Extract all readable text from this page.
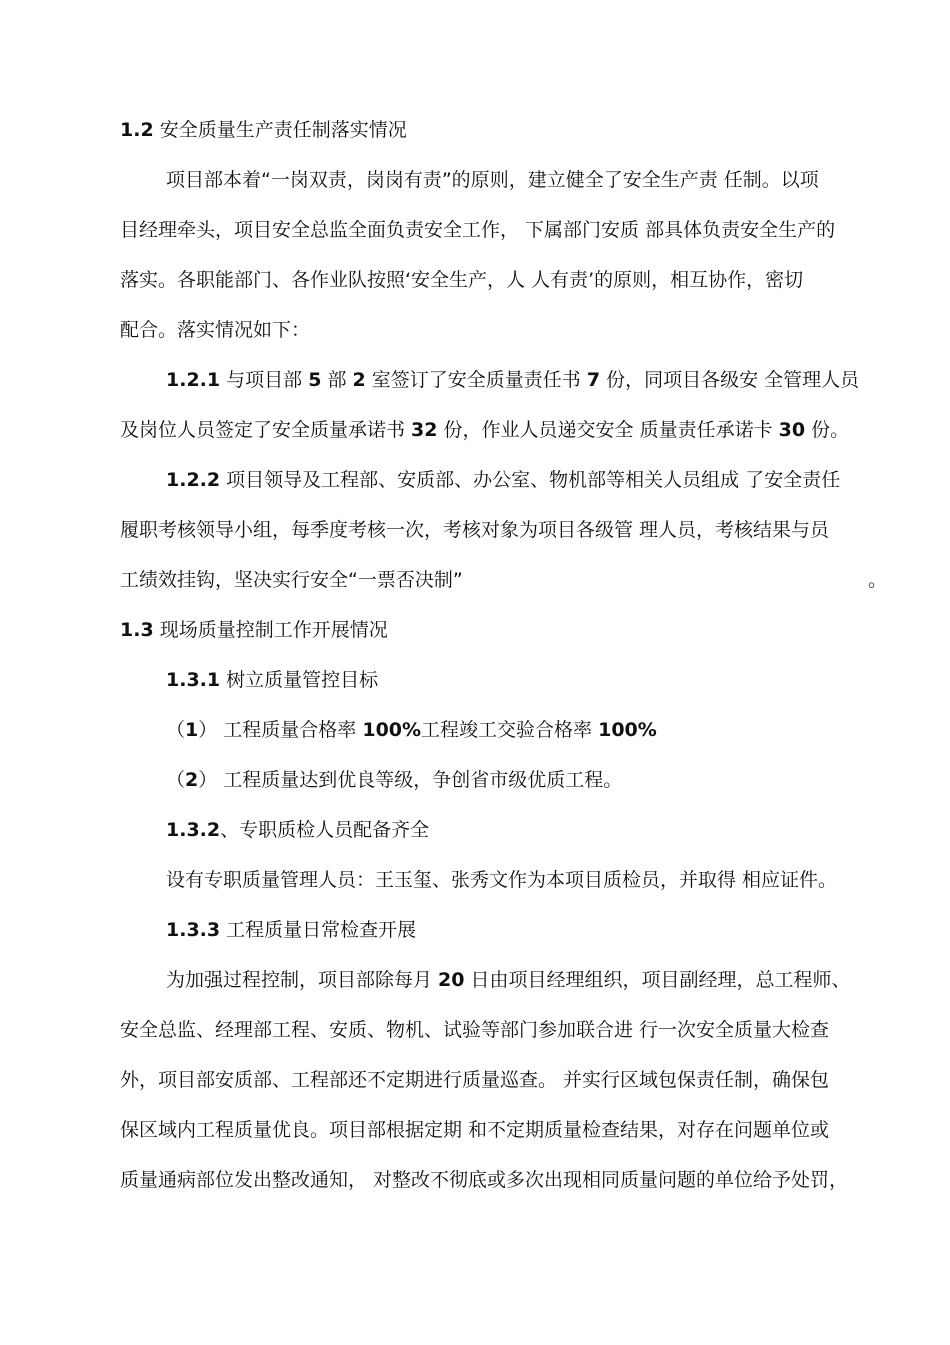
1.2 安全质量生产责任制落实情况
项目部本着“一岗双责，岗岗有责”的原则，建立健全了安全生产责 任制。以项
目经理牵头，项目安全总监全面负责安全工作， 下属部门安质 部具体负责安全生产的
落实。各职能部门、各作业队按照‘安全生产，人 人有责’的原则，相互协作，密切
配合。落实情况如下：
1.2.1 与项目部 5 部 2 室签订了安全质量责任书 7 份，同项目各级安 全管理人员
及岗位人员签定了安全质量承诺书 32 份，作业人员递交安全 质量责任承诺卡 30 份。
1.2.2 项目领导及工程部、安质部、办公室、物机部等相关人员组成 了安全责任
履职考核领导小组，每季度考核一次，考核对象为项目各级管 理人员，考核结果与员
工绩效挂钩，坚决实行安全“一票否决制”	。
1.3 现场质量控制工作开展情况
1.3.1 树立质量管控目标
（1） 工程质量合格率 100%工程竣工交验合格率 100%
（2） 工程质量达到优良等级，争创省市级优质工程。
1.3.2、专职质检人员配备齐全
设有专职质量管理人员：王玉玺、张秀文作为本项目质检员，并取得 相应证件。
1.3.3 工程质量日常检查开展
为加强过程控制，项目部除每月 20 日由项目经理组织，项目副经理，总工程师、
安全总监、经理部工程、安质、物机、试验等部门参加联合进 行一次安全质量大检查
外，项目部安质部、工程部还不定期进行质量巡查。 并实行区域包保责任制，确保包
保区域内工程质量优良。项目部根据定期 和不定期质量检查结果，对存在问题单位或
质量通病部位发出整改通知， 对整改不彻底或多次出现相同质量问题的单位给予处罚，
